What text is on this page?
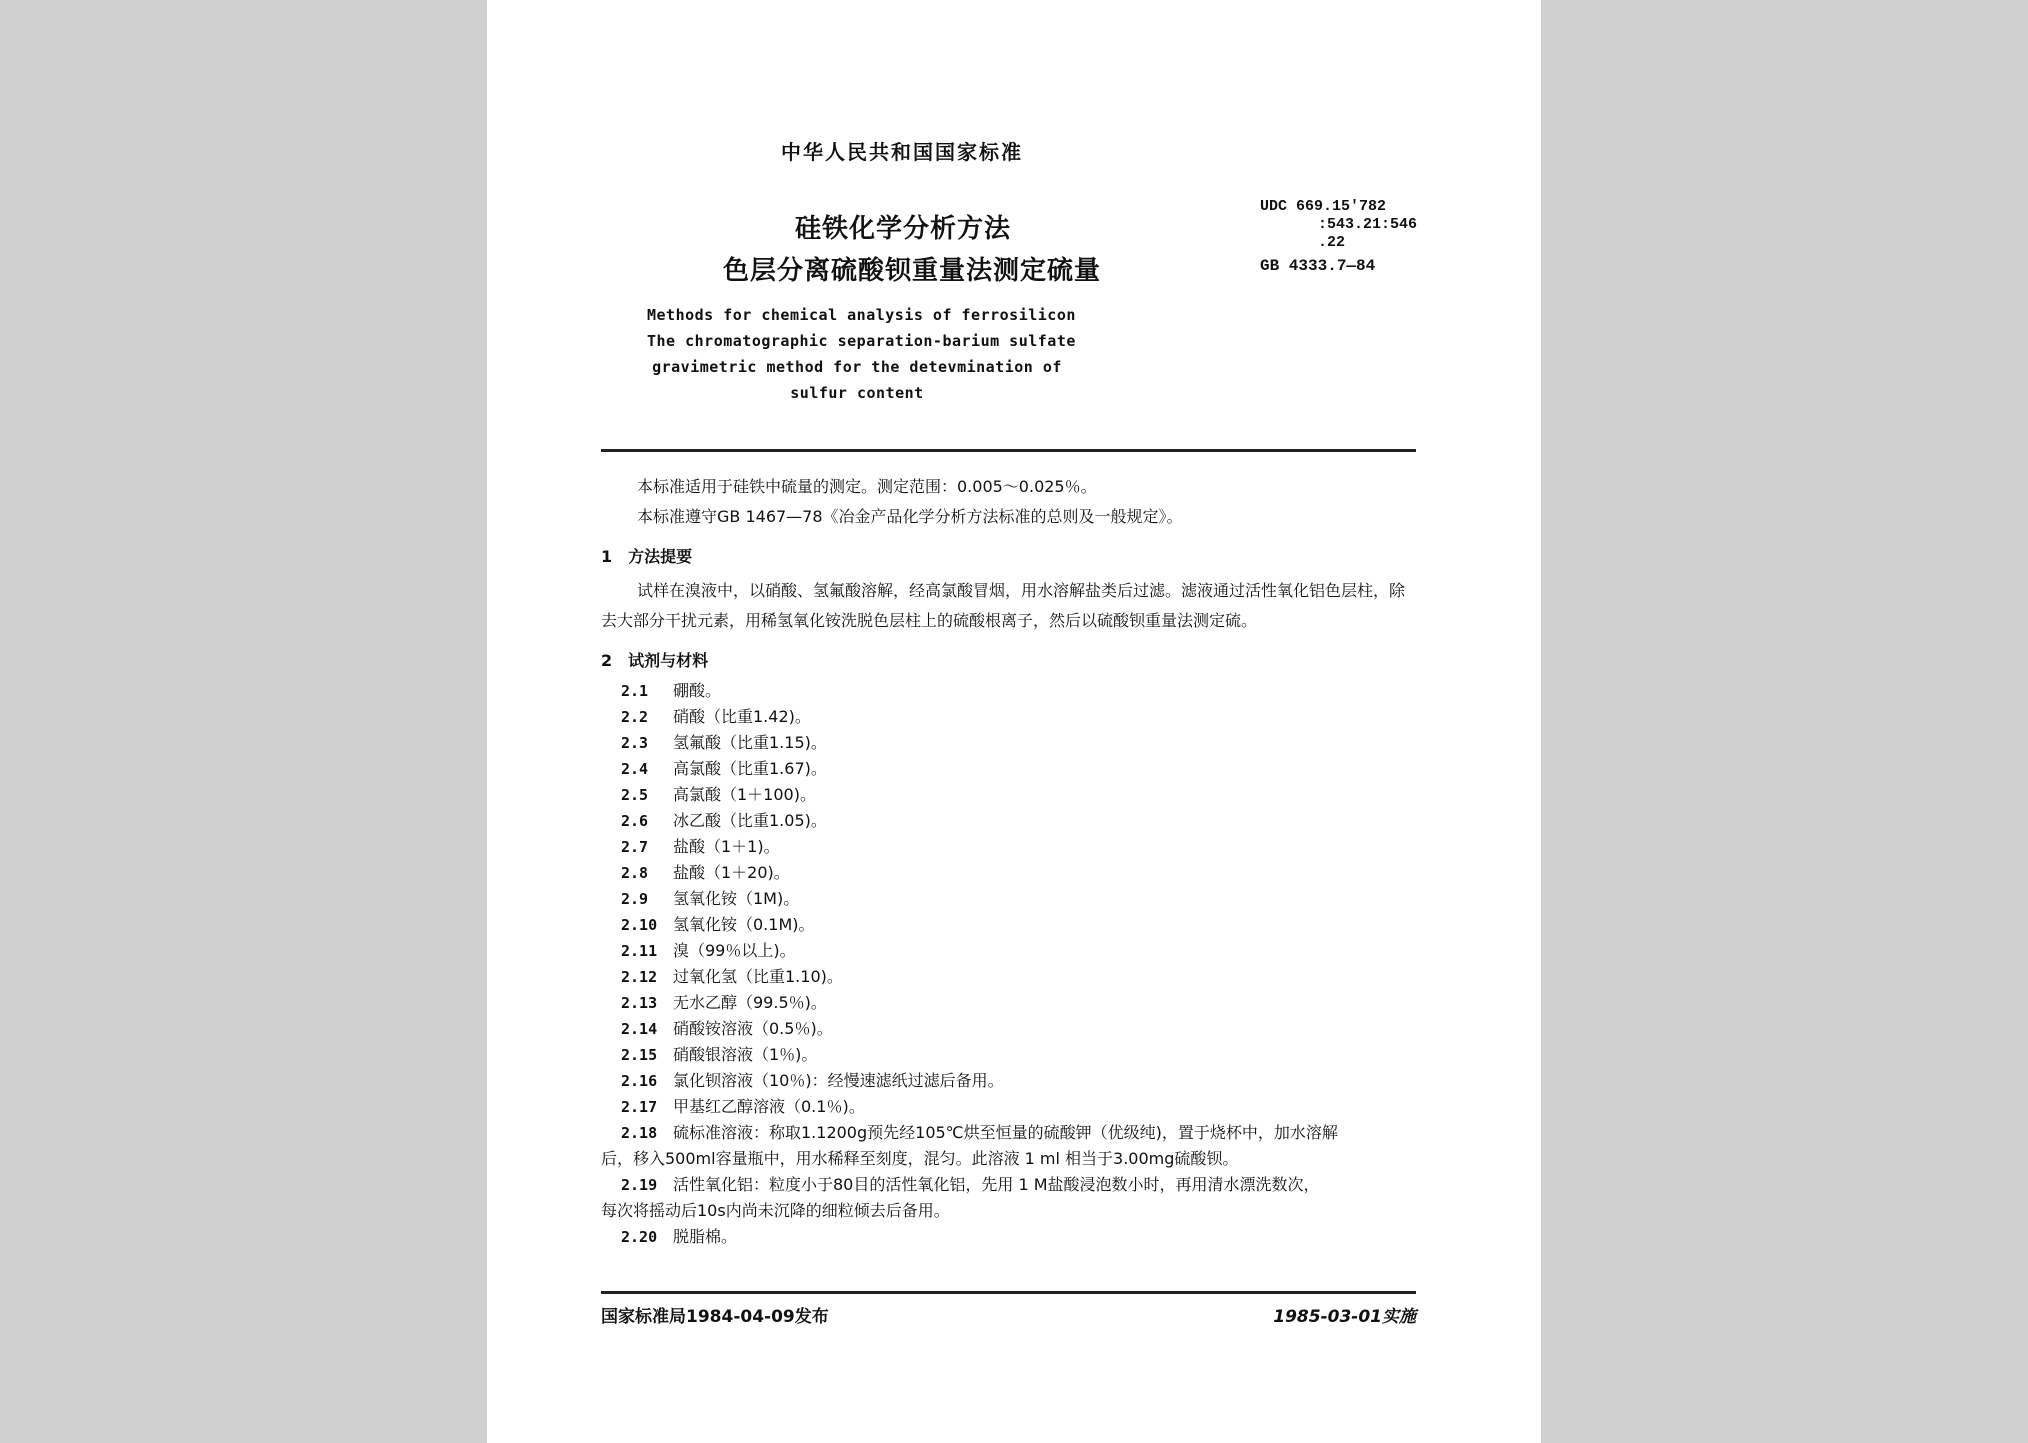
中华人民共和国国家标准
硅铁化学分析方法
色层分离硫酸钡重量法测定硫量
UDC 669.15′782
:543.21:546
.22
GB 4333.7—84
Methods for chemical analysis of ferrosilicon
The chromatographic separation-barium sulfate
gravimetric method for the detevmination of
sulfur content

本标准适用于硅铁中硫量的测定。测定范围：0.005～0.025％。

本标准遵守GB 1467—78《冶金产品化学分析方法标准的总则及一般规定》。

1　方法提要

试样在溴液中，以硝酸、氢氟酸溶解，经高氯酸冒烟，用水溶解盐类后过滤。滤液通过活性氧化铝色层柱，除去大部分干扰元素，用稀氢氧化铵洗脱色层柱上的硫酸根离子，然后以硫酸钡重量法测定硫。

2　试剂与材料

2.1 硼酸。

2.2 硝酸（比重1.42)。

2.3 氢氟酸（比重1.15)。

2.4 高氯酸（比重1.67)。

2.5 高氯酸（1＋100)。

2.6 冰乙酸（比重1.05)。

2.7 盐酸（1＋1)。

2.8 盐酸（1＋20)。

2.9 氢氧化铵（1M)。

2.10 氢氧化铵（0.1M)。

2.11 溴（99％以上)。

2.12 过氧化氢（比重1.10)。

2.13 无水乙醇（99.5％)。

2.14 硝酸铵溶液（0.5％)。

2.15 硝酸银溶液（1％)。

2.16 氯化钡溶液（10％)：经慢速滤纸过滤后备用。

2.17 甲基红乙醇溶液（0.1％)。

2.18 硫标准溶液：称取1.1200g预先经105℃烘至恒量的硫酸钾（优级纯)，置于烧杯中，加水溶解

后，移入500ml容量瓶中，用水稀释至刻度，混匀。此溶液 1 ml 相当于3.00mg硫酸钡。

2.19 活性氧化铝：粒度小于80目的活性氧化铝，先用 1 M盐酸浸泡数小时，再用清水漂洗数次，

每次将摇动后10s内尚未沉降的细粒倾去后备用。

2.20 脱脂棉。

国家标准局1984-04-09发布	1985-03-01实施
